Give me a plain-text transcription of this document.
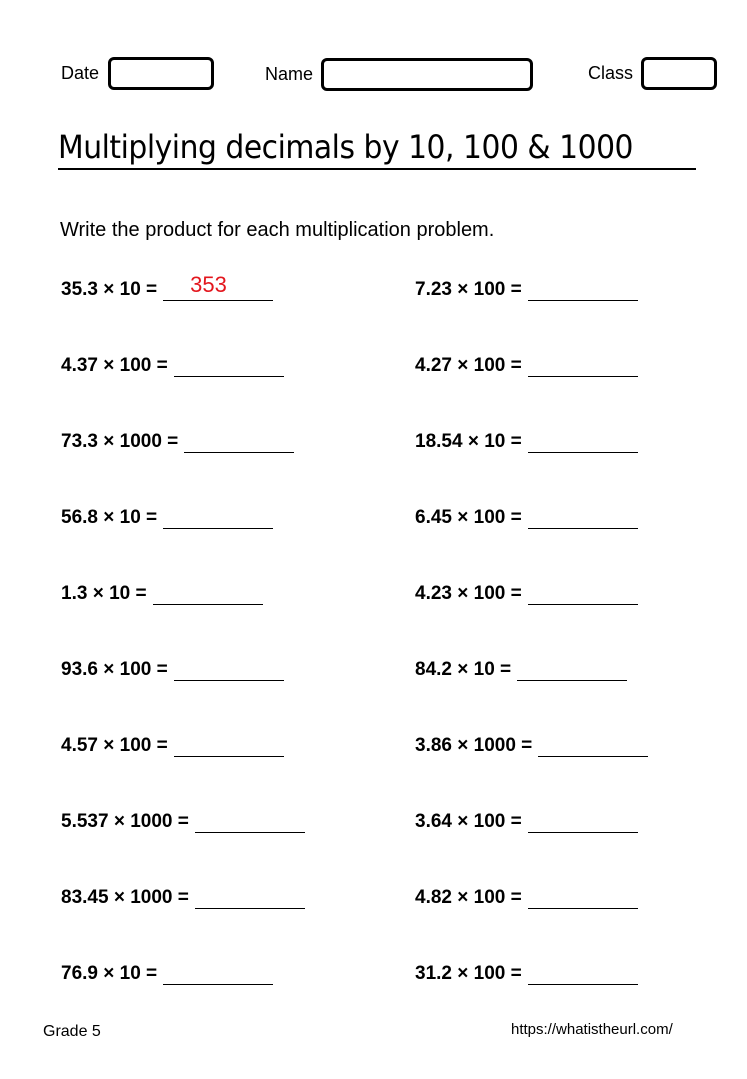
Date	Name	Class
Multiplying decimals by 10, 100 & 1000
Write the product for each multiplication problem.
35.3 × 10 = 353
4.37 × 100 =
73.3 × 1000 =
56.8 × 10 =
1.3 × 10 =
93.6 × 100 =
4.57 × 100 =
5.537 × 1000 =
83.45 × 1000 =
76.9 × 10 =
7.23 × 100 =
4.27 × 100 =
18.54 × 10 =
6.45 × 100 =
4.23 × 100 =
84.2 × 10 =
3.86 × 1000 =
3.64 × 100 =
4.82 × 100 =
31.2 × 100 =
Grade 5	https://whatistheurl.com/
